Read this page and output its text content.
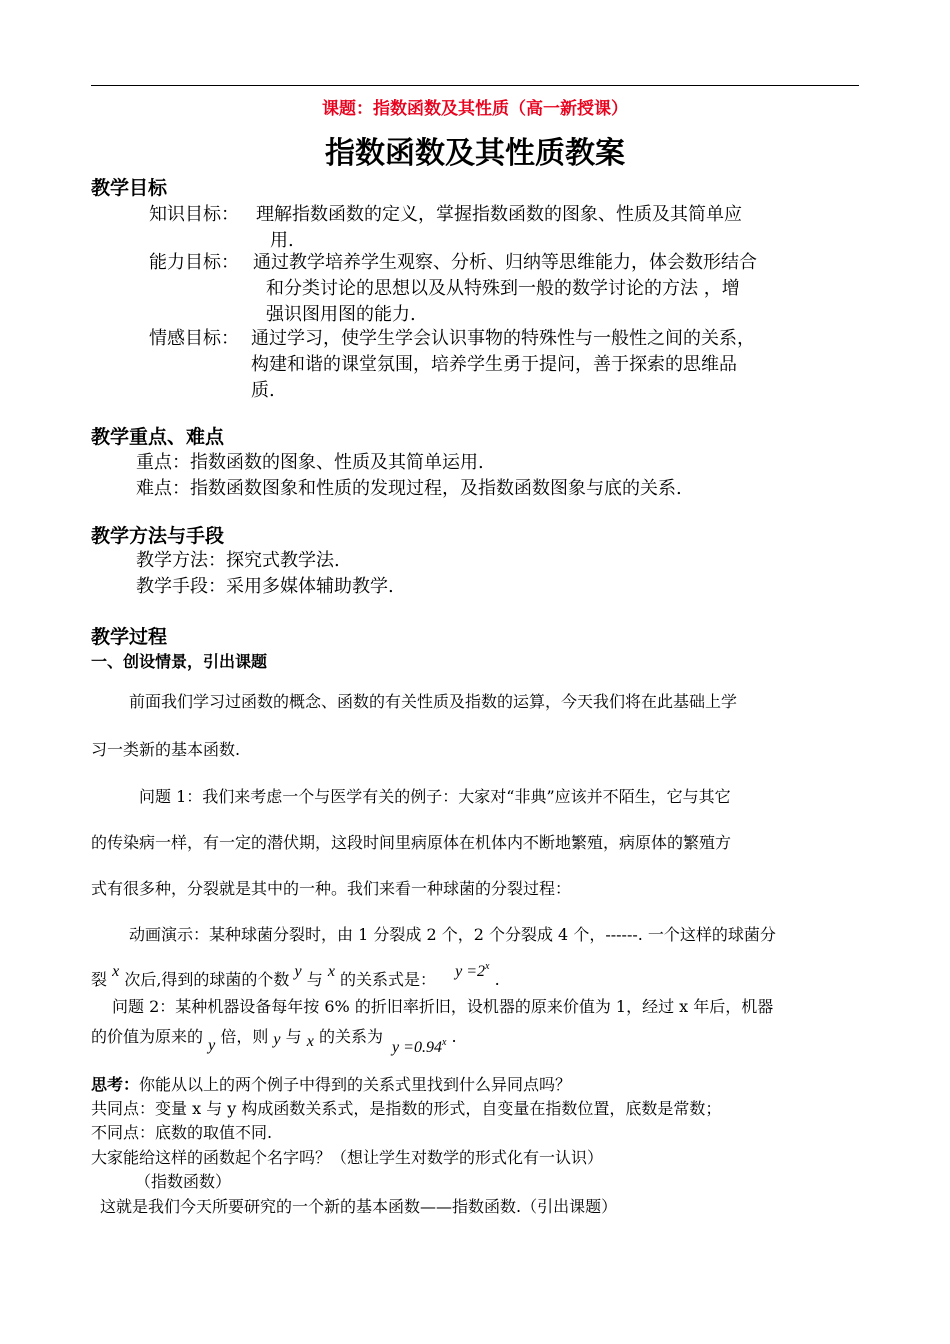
课题：指数函数及其性质（高一新授课）
指数函数及其性质教案
教学目标
知识目标： 理解指数函数的定义，掌握指数函数的图象、性质及其简单应
用.
能力目标： 通过教学培养学生观察、分析、归纳等思维能力，体会数形结合
和分类讨论的思想以及从特殊到一般的数学讨论的方法 ，增
强识图用图的能力.
情感目标： 通过学习，使学生学会认识事物的特殊性与一般性之间的关系，
构建和谐的课堂氛围，培养学生勇于提问，善于探索的思维品
质.
教学重点、难点
重点：指数函数的图象、性质及其简单运用.
难点：指数函数图象和性质的发现过程，及指数函数图象与底的关系.
教学方法与手段
教学方法：探究式教学法.
教学手段：采用多媒体辅助教学.
教学过程
一、创设情景，引出课题
前面我们学习过函数的概念、函数的有关性质及指数的运算，今天我们将在此基础上学
习一类新的基本函数.
问题 1：我们来考虑一个与医学有关的例子：大家对“非典”应该并不陌生，它与其它
的传染病一样，有一定的潜伏期，这段时间里病原体在机体内不断地繁殖，病原体的繁殖方
式有很多种，分裂就是其中的一种。我们来看一种球菌的分裂过程：
动画演示：某种球菌分裂时，由 1 分裂成 2 个，2 个分裂成 4 个，------. 一个这样的球菌分
裂 x 次后,得到的球菌的个数 y 与 x 的关系式是： $y =2^x$ .
问题 2：某种机器设备每年按 6% 的折旧率折旧，设机器的原来价值为 1，经过 x 年后，机器
的价值为原来的 y 倍，则 y 与 x 的关系为 $y =0.94^x$ .
思考：你能从以上的两个例子中得到的关系式里找到什么异同点吗？
共同点：变量 x 与 y 构成函数关系式，是指数的形式，自变量在指数位置，底数是常数；
不同点：底数的取值不同.
大家能给这样的函数起个名字吗？（想让学生对数学的形式化有一认识）
（指数函数）
这就是我们今天所要研究的一个新的基本函数——指数函数.（引出课题）
